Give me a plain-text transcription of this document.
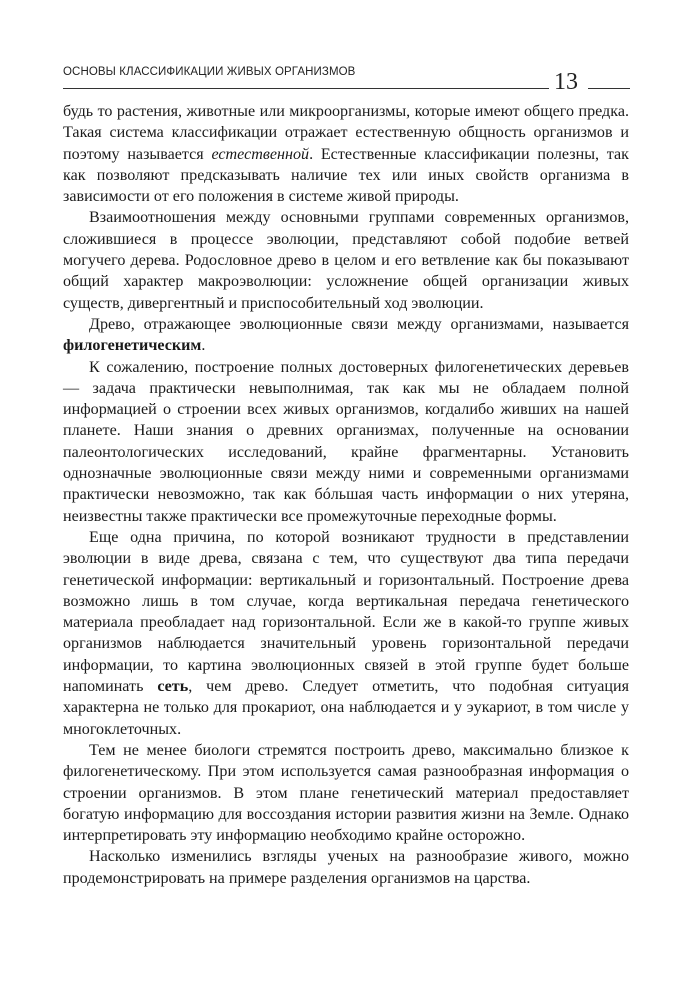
ОСНОВЫ КЛАССИФИКАЦИИ ЖИВЫХ ОРГАНИЗМОВ	13

будь то растения, животные или микроорганизмы, которые имеют общего предка. Такая система классификации отражает естественную общность организмов и поэтому называется естественной. Естественные классификации полезны, так как позволяют предсказывать наличие тех или иных свойств организма в зависимости от его положения в системе живой природы.

Взаимоотношения между основными группами современных организмов, сложившиеся в процессе эволюции, представляют собой подобие ветвей могучего дерева. Родословное древо в целом и его ветвление как бы показывают общий характер макроэволюции: усложнение общей организации живых существ, дивергентный и приспособительный ход эволюции.

Древо, отражающее эволюционные связи между организмами, называется филогенетическим.

К сожалению, построение полных достоверных филогенетических деревьев — задача практически невыполнимая, так как мы не обладаем полной информацией о строении всех живых организмов, когдалибо живших на нашей планете. Наши знания о древних организмах, полученные на основании палеонтологических исследований, крайне фрагментарны. Установить однозначные эволюционные связи между ними и современными организмами практически невозможно, так как бóльшая часть информации о них утеряна, неизвестны также практически все промежуточные переходные формы.

Еще одна причина, по которой возникают трудности в представлении эволюции в виде древа, связана с тем, что существуют два типа передачи генетической информации: вертикальный и горизонтальный. Построение древа возможно лишь в том случае, когда вертикальная передача генетического материала преобладает над горизонтальной. Если же в какой-то группе живых организмов наблюдается значительный уровень горизонтальной передачи информации, то картина эволюционных связей в этой группе будет больше напоминать сеть, чем древо. Следует отметить, что подобная ситуация характерна не только для прокариот, она наблюдается и у эукариот, в том числе у многоклеточных.

Тем не менее биологи стремятся построить древо, максимально близкое к филогенетическому. При этом используется самая разнообразная информация о строении организмов. В этом плане генетический материал предоставляет богатую информацию для воссоздания истории развития жизни на Земле. Однако интерпретировать эту информацию необходимо крайне осторожно.

Насколько изменились взгляды ученых на разнообразие живого, можно продемонстрировать на примере разделения организмов на царства.
